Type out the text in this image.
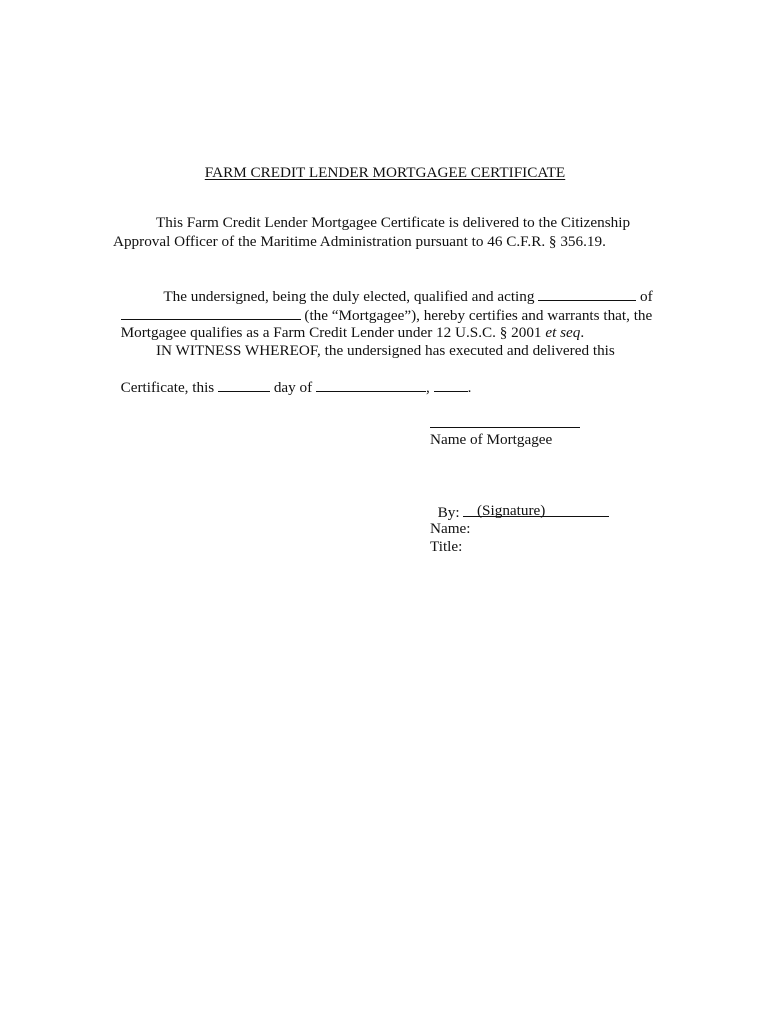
FARM CREDIT LENDER MORTGAGEE CERTIFICATE
This Farm Credit Lender Mortgagee Certificate is delivered to the Citizenship
Approval Officer of the Maritime Administration pursuant to 46 C.F.R. § 356.19.

The undersigned, being the duly elected, qualified and acting	of

(the “Mortgagee”), hereby certifies and warrants that, the

Mortgagee qualifies as a Farm Credit Lender under 12 U.S.C. § 2001 et seq.

IN WITNESS WHEREOF, the undersigned has executed and delivered this

Certificate, this	day of	, .

Name of Mortgagee

By:	(Signature)
Name:
Title:
